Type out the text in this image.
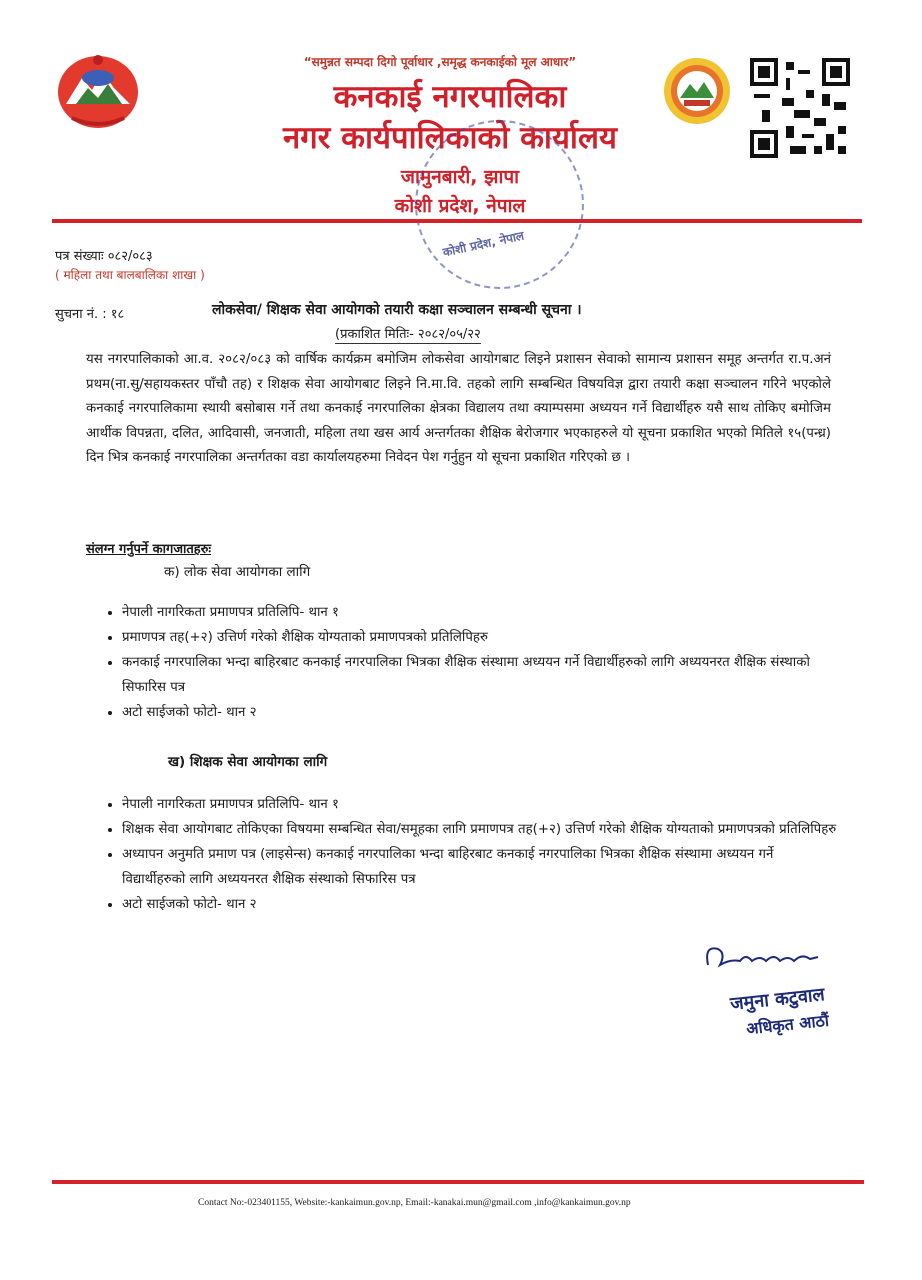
“समुन्नत सम्पदा दिगो पूर्वाधार ,समृद्ध कनकाईको मूल आधार”
कनकाई नगरपालिका
नगर कार्यपालिकाको कार्यालय
जामुनबारी, झापा
कोशी प्रदेश, नेपाल
कोशी प्रदेश, नेपाल
पत्र संख्याः ०८२/०८३
( महिला तथा बालबालिका शाखा )
सुचना नं. : १८	लोकसेवा/ शिक्षक सेवा आयोगको तयारी कक्षा सञ्चालन सम्बन्धी सूचना ।
(प्रकाशित मितिः- २०८२/०५/२२
यस नगरपालिकाको आ.व. २०८२/०८३ को वार्षिक कार्यक्रम बमोजिम लोकसेवा आयोगबाट लिइने प्रशासन सेवाको सामान्य प्रशासन समूह अन्तर्गत रा.प.अनं प्रथम(ना.सु/सहायकस्तर पाँचौ तह) र शिक्षक सेवा आयोगबाट लिइने नि.मा.वि. तहको लागि सम्बन्धित विषयविज्ञ द्वारा तयारी कक्षा सञ्चालन गरिने भएकोले कनकाई नगरपालिकामा स्थायी बसोबास गर्ने तथा कनकाई नगरपालिका क्षेत्रका विद्यालय तथा क्याम्पसमा अध्ययन गर्ने विद्यार्थीहरु यसै साथ तोकिए बमोजिम आर्थीक विपन्नता, दलित, आदिवासी, जनजाती, महिला तथा खस आर्य अन्तर्गतका शैक्षिक बेरोजगार भएकाहरुले यो सूचना प्रकाशित भएको मितिले १५(पन्ध्र) दिन भित्र कनकाई नगरपालिका अन्तर्गतका वडा कार्यालयहरुमा निवेदन पेश गर्नुहुन यो सूचना प्रकाशित गरिएको छ ।
संलग्न गर्नुपर्ने कागजातहरुः
क) लोक सेवा आयोगका लागि
• नेपाली नागरिकता प्रमाणपत्र प्रतिलिपि- थान १
• प्रमाणपत्र तह(+२) उत्तिर्ण गरेको शैक्षिक योग्यताको प्रमाणपत्रको प्रतिलिपिहरु
• कनकाई नगरपालिका भन्दा बाहिरबाट कनकाई नगरपालिका भित्रका शैक्षिक संस्थामा अध्ययन गर्ने विद्यार्थीहरुको लागि अध्ययनरत शैक्षिक संस्थाको सिफारिस पत्र
• अटो साईजको फोटो- थान २
ख) शिक्षक सेवा आयोगका लागि
• नेपाली नागरिकता प्रमाणपत्र प्रतिलिपि- थान १
• शिक्षक सेवा आयोगबाट तोकिएका विषयमा सम्बन्धित सेवा/समूहका लागि प्रमाणपत्र तह(+२) उत्तिर्ण गरेको शैक्षिक योग्यताको प्रमाणपत्रको प्रतिलिपिहरु
• अध्यापन अनुमति प्रमाण पत्र (लाइसेन्स) कनकाई नगरपालिका भन्दा बाहिरबाट कनकाई नगरपालिका भित्रका शैक्षिक संस्थामा अध्ययन गर्ने विद्यार्थीहरुको लागि अध्ययनरत शैक्षिक संस्थाको सिफारिस पत्र
• अटो साईजको फोटो- थान २
जमुना कटुवाल
अधिकृत आठौं
Contact No:-023401155, Website:-kankaimun.gov.np, Email:-kanakai.mun@gmail.com ,info@kankaimun.gov.np
